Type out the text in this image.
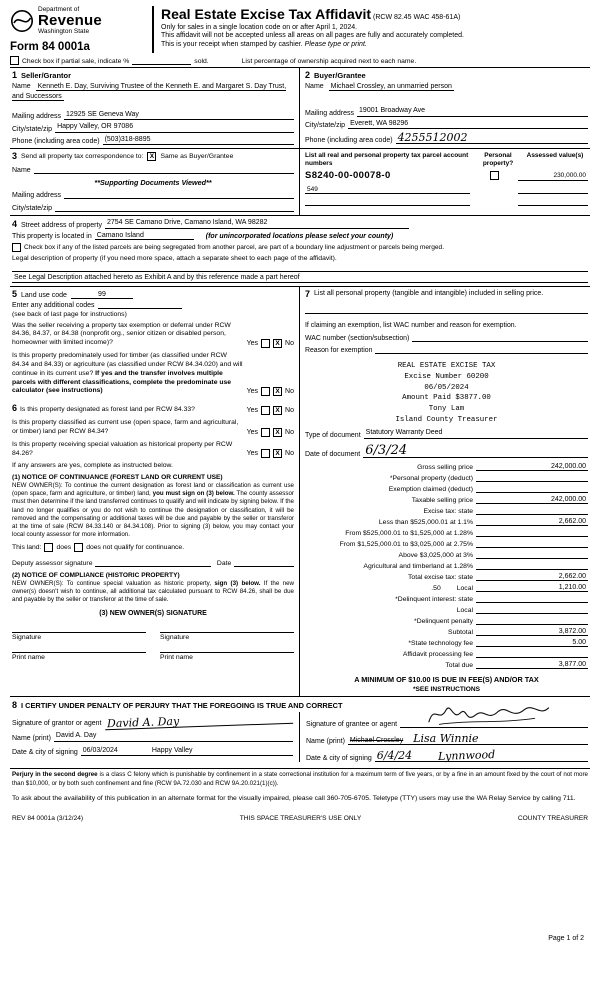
Department of
Revenue
Washington State
Form 84 0001a
Real Estate Excise Tax Affidavit (RCW 82.45 WAC 458-61A)
Only for sales in a single location code on or after April 1, 2024.
This affidavit will not be accepted unless all areas on all pages are fully and accurately completed.
This is your receipt when stamped by cashier. Please type or print.
Check box if partial sale, indicate %	sold.	List percentage of ownership acquired next to each name.
1 Seller/Grantor
Name Kenneth E. Day, Surviving Trustee of the Kenneth E. and Margaret S. Day Trust, and Successors
Mailing address 12925 SE Geneva Way
City/state/zip Happy Valley, OR 97086
Phone (including area code) (503)318-8895
2 Buyer/Grantee
Name Michael Crossley, an unmarried person
Mailing address 19001 Broadway Ave
City/state/zip Everett, WA 98296
Phone (including area code) 4255512002
3 Send all property tax correspondence to: X Same as Buyer/Grantee
Name
**Supporting Documents Viewed**
Mailing address
City/state/zip
List all real and personal property tax parcel account numbers
Personal property?
Assessed value(s)
S8240-00-00078-0	230,000.00
549
4 Street address of property 2754 SE Camano Drive, Camano Island, WA 98282
This property is located in Camano Island	(for unincorporated locations please select your county)
Check box if any of the listed parcels are being segregated from another parcel, are part of a boundary line adjustment or parcels being merged.
Legal description of property (if you need more space, attach a separate sheet to each page of the affidavit).
See Legal Description attached hereto as Exhibit A and by this reference made a part hereof
5 Land use code	99
Enter any additional codes
(see back of last page for instructions)
Was the seller receiving a property tax exemption or deferral under RCW 84.36, 84.37, or 84.38 (nonprofit org., senior citizen or disabled person, homeowner with limited income)?	Yes	X No
Is this property predominately used for timber (as classified under RCW 84.34 and 84.33) or agriculture (as classified under RCW 84.34.020) and will continue in its current use? If yes and the transfer involves multiple parcels with different classifications, complete the predominate use calculator (see instructions)	Yes	X No
6 Is this property designated as forest land per RCW 84.33?	Yes	X No
Is this property classified as current use (open space, farm and agricultural, or timber) land per RCW 84.34?	Yes	X No
Is this property receiving special valuation as historical property per RCW 84.26?	Yes	X No
If any answers are yes, complete as instructed below.
(1) NOTICE OF CONTINUANCE (FOREST LAND OR CURRENT USE)
NEW OWNER(S): To continue the current designation as forest land or classification as current use (open space, farm and agriculture, or timber) land, you must sign on (3) below. The county assessor must then determine if the land transferred continues to qualify and will indicate by signing below. If the land no longer qualifies or you do not wish to continue the designation or classification, it will be removed and the compensating or additional taxes will be due and payable by the seller or transferor at the time of sale (RCW 84.33.140 or 84.34.108). Prior to signing (3) below, you may contact your local county assessor for more information.
This land: does does not qualify for continuance.
Deputy assessor signature	Date
(2) NOTICE OF COMPLIANCE (HISTORIC PROPERTY)
NEW OWNER(S): To continue special valuation as historic property, sign (3) below. If the new owner(s) doesn't wish to continue, all additional tax calculated pursuant to RCW 84.26, shall be due and payable by the seller or transferor at the time of sale.
(3) NEW OWNER(S) SIGNATURE
Signature	Signature
Print name	Print name
7 List all personal property (tangible and intangible) included in selling price.
If claiming an exemption, list WAC number and reason for exemption.
WAC number (section/subsection)
Reason for exemption
REAL ESTATE EXCISE TAX
Excise Number 60200
06/05/2024
Amount Paid $3877.00
Tony Lam
Island County Treasurer
Type of document Statutory Warranty Deed
Date of document 6/3/24
Gross selling price	242,000.00
*Personal property (deduct)
Exemption claimed (deduct)
Taxable selling price	242,000.00
Excise tax: state
Less than $525,000.01 at 1.1%	2,662.00
From $525,000.01 to $1,525,000 at 1.28%
From $1,525,000.01 to $3,025,000 at 2.75%
Above $3,025,000 at 3%
Agricultural and timberland at 1.28%
Total excise tax: state	2,662.00
.50 Local	1,210.00
*Delinquent interest: state
Local
*Delinquent penalty
Subtotal	3,872.00
*State technology fee	5.00
Affidavit processing fee
Total due	3,877.00
A MINIMUM OF $10.00 IS DUE IN FEE(S) AND/OR TAX
*SEE INSTRUCTIONS
8 I CERTIFY UNDER PENALTY OF PERJURY THAT THE FOREGOING IS TRUE AND CORRECT
Signature of grantor or agent David A. Day
Name (print) David A. Day
Date & city of signing 06/03/2024	Happy Valley
Signature of grantee or agent
Name (print) Michael Crossley Lisa Winnie
Date & city of signing 6/4/24 Lynnwood
Perjury in the second degree is a class C felony which is punishable by confinement in a state correctional institution for a maximum term of five years, or by a fine in an amount fixed by the court of not more than $10,000, or by both such confinement and fine (RCW 9A.72.030 and RCW 9A.20.021(1)(c)).
To ask about the availability of this publication in an alternate format for the visually impaired, please call 360-705-6705. Teletype (TTY) users may use the WA Relay Service by calling 711.
REV 84 0001a (3/12/24)	THIS SPACE TREASURER'S USE ONLY	COUNTY TREASURER
Page 1 of 2
